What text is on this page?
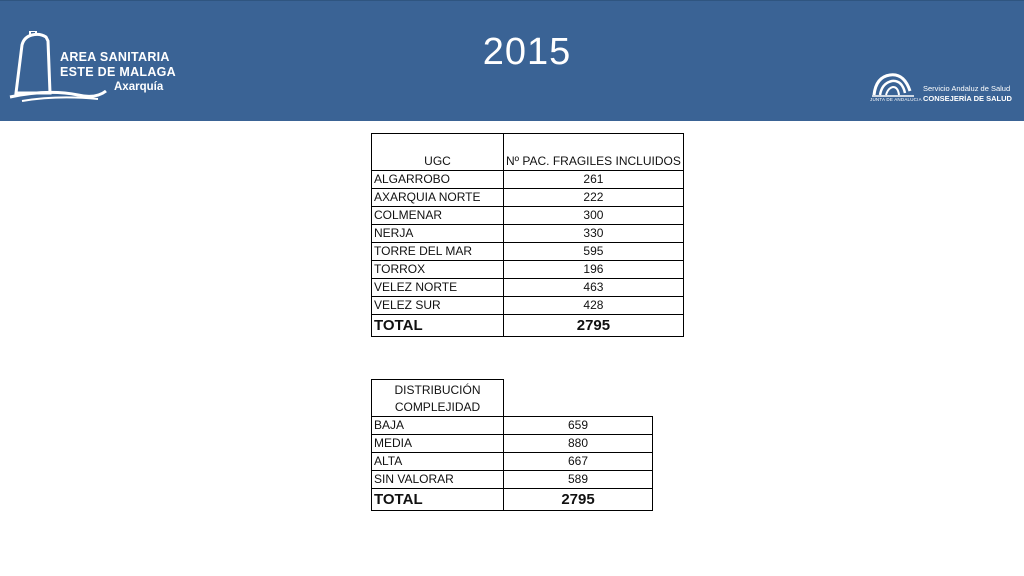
AREA SANITARIA
ESTE DE MALAGA
Axarquía
2015
JUNTA DE ANDALUCIA
Servicio Andaluz de Salud
CONSEJERÍA DE SALUD
UGC	Nº PAC. FRAGILES INCLUIDOS
ALGARROBO	261
AXARQUIA NORTE	222
COLMENAR	300
NERJA	330
TORRE DEL MAR	595
TORROX	196
VELEZ NORTE	463
VELEZ SUR	428
TOTAL	2795
DISTRIBUCIÓN COMPLEJIDAD	
BAJA	659
MEDIA	880
ALTA	667
SIN VALORAR	589
TOTAL	2795
